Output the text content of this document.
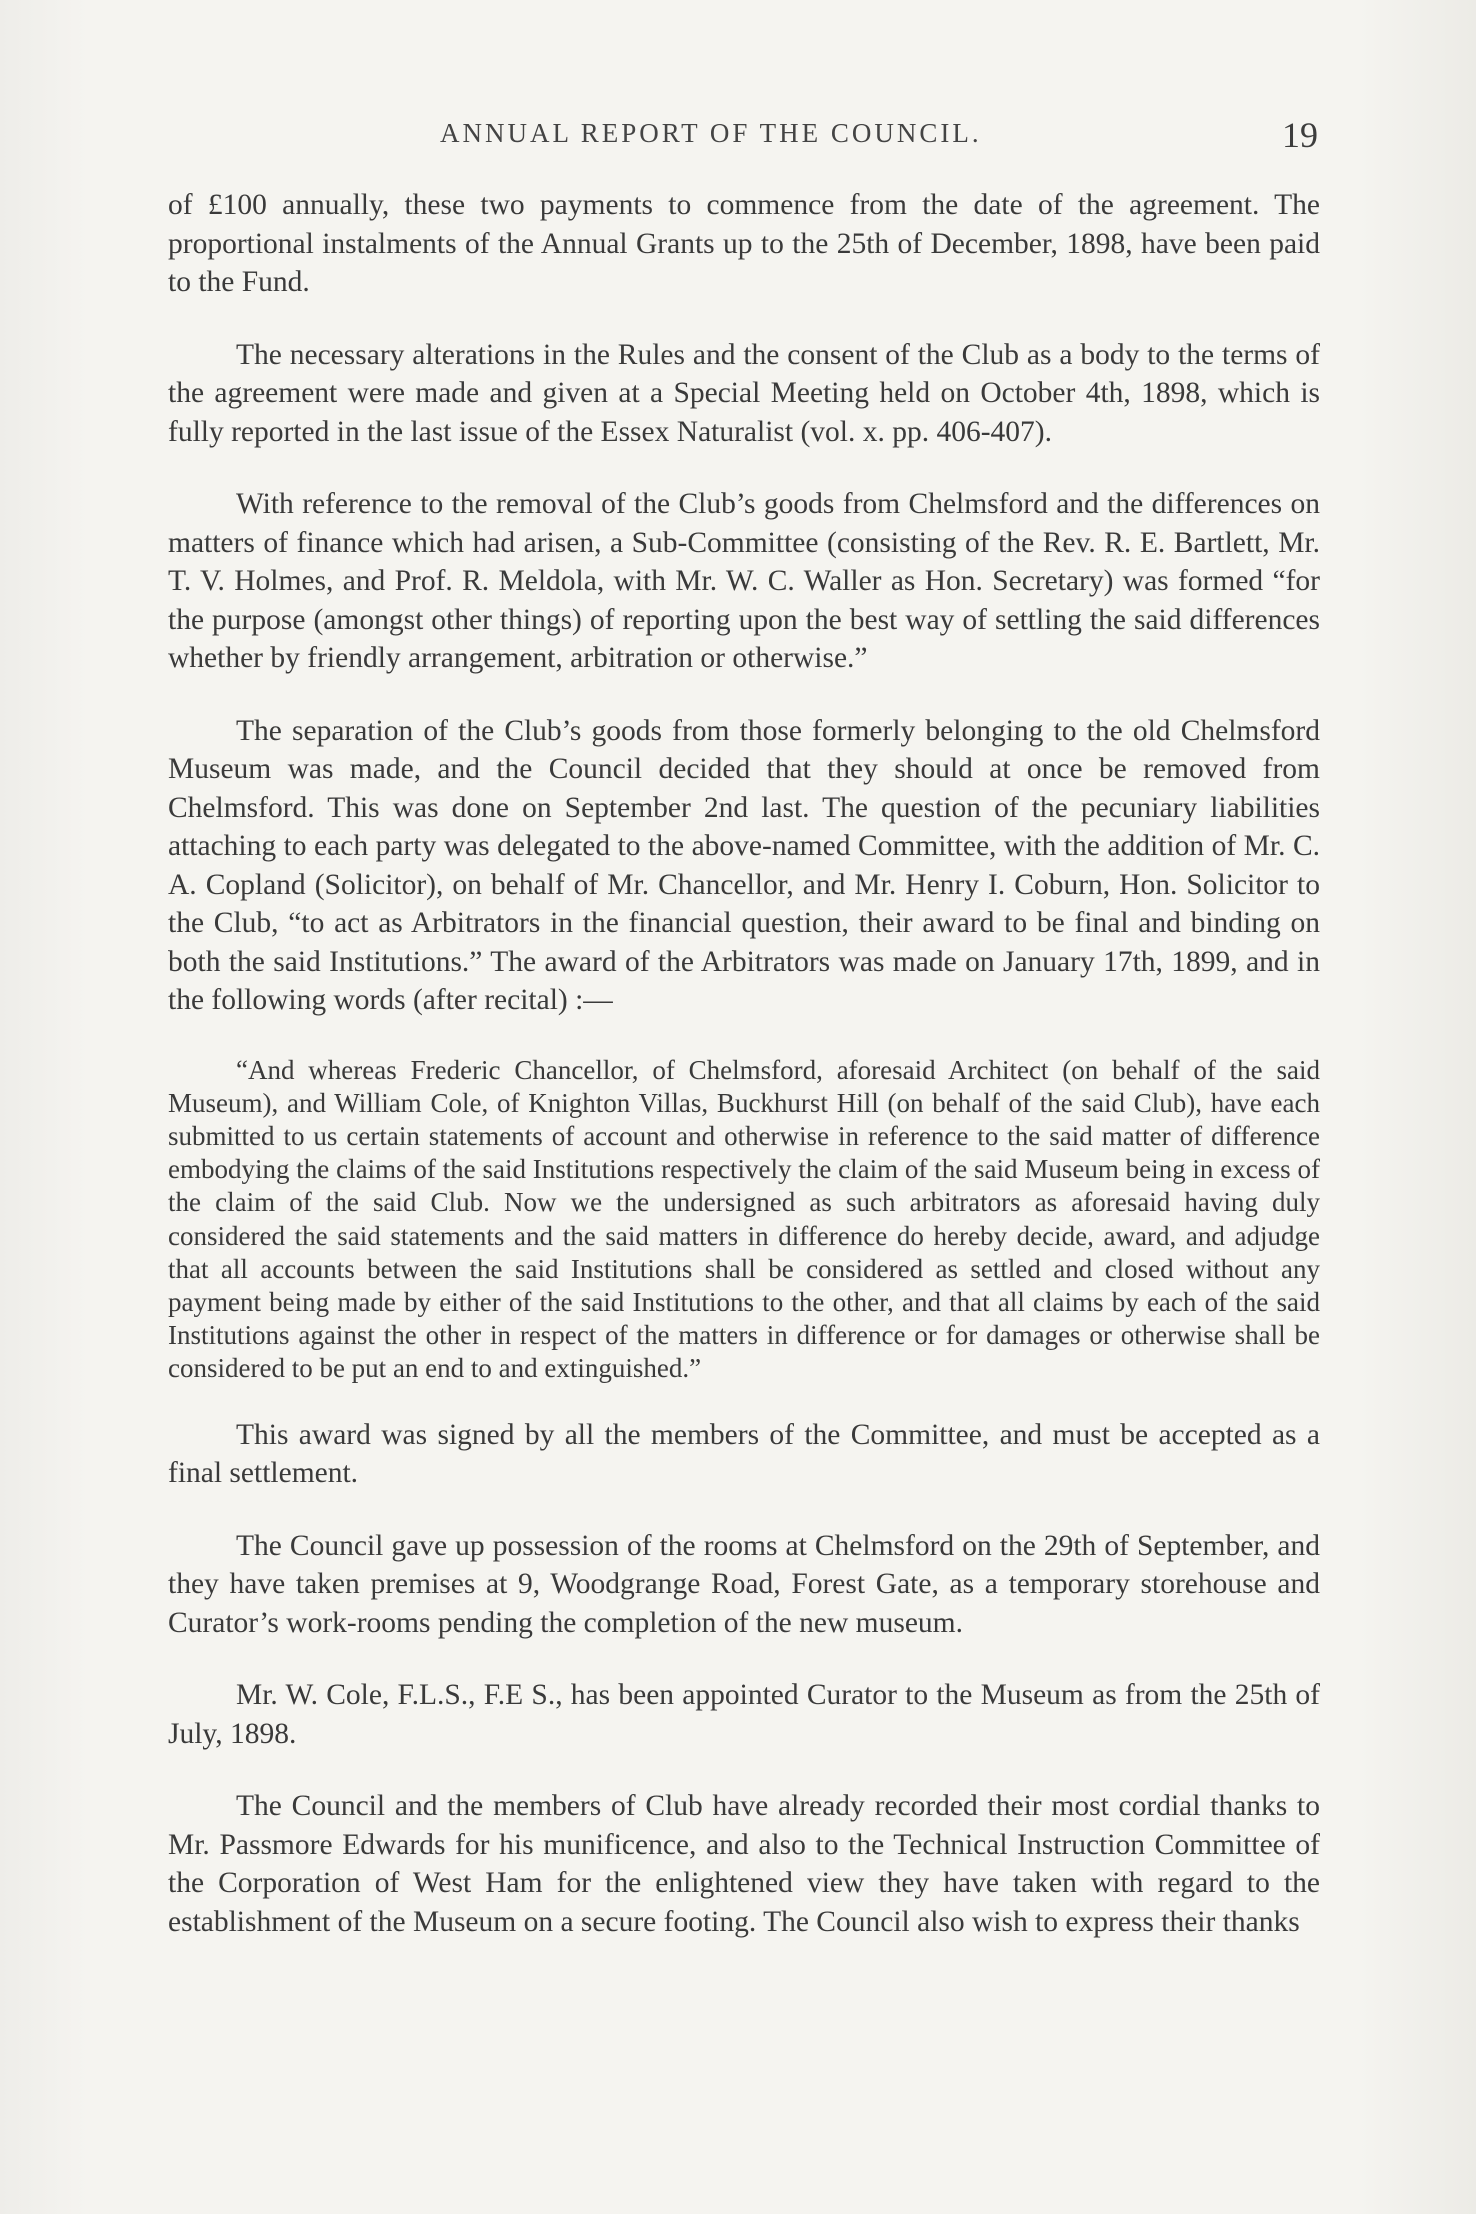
ANNUAL REPORT OF THE COUNCIL.	19

of £100 annually, these two payments to commence from the date of the agreement. The proportional instalments of the Annual Grants up to the 25th of December, 1898, have been paid to the Fund.

The necessary alterations in the Rules and the consent of the Club as a body to the terms of the agreement were made and given at a Special Meeting held on October 4th, 1898, which is fully reported in the last issue of the Essex Naturalist (vol. x. pp. 406-407).

With reference to the removal of the Club’s goods from Chelmsford and the differences on matters of finance which had arisen, a Sub-Committee (consisting of the Rev. R. E. Bartlett, Mr. T. V. Holmes, and Prof. R. Meldola, with Mr. W. C. Waller as Hon. Secretary) was formed “for the purpose (amongst other things) of reporting upon the best way of settling the said differences whether by friendly arrangement, arbitration or otherwise.”

The separation of the Club’s goods from those formerly belonging to the old Chelmsford Museum was made, and the Council decided that they should at once be removed from Chelmsford. This was done on September 2nd last. The question of the pecuniary liabilities attaching to each party was delegated to the above-named Committee, with the addition of Mr. C. A. Copland (Solicitor), on behalf of Mr. Chancellor, and Mr. Henry I. Coburn, Hon. Solicitor to the Club, “to act as Arbitrators in the financial question, their award to be final and binding on both the said Institutions.” The award of the Arbitrators was made on January 17th, 1899, and in the following words (after recital) :—

“And whereas Frederic Chancellor, of Chelmsford, aforesaid Architect (on behalf of the said Museum), and William Cole, of Knighton Villas, Buckhurst Hill (on behalf of the said Club), have each submitted to us certain statements of account and otherwise in reference to the said matter of difference embodying the claims of the said Institutions respectively the claim of the said Museum being in excess of the claim of the said Club. Now we the undersigned as such arbitrators as aforesaid having duly considered the said statements and the said matters in difference do hereby decide, award, and adjudge that all accounts between the said Institutions shall be considered as settled and closed without any payment being made by either of the said Institutions to the other, and that all claims by each of the said Institutions against the other in respect of the matters in difference or for damages or otherwise shall be considered to be put an end to and extinguished.”

This award was signed by all the members of the Committee, and must be accepted as a final settlement.

The Council gave up possession of the rooms at Chelmsford on the 29th of September, and they have taken premises at 9, Woodgrange Road, Forest Gate, as a temporary storehouse and Curator’s work-rooms pending the completion of the new museum.

Mr. W. Cole, F.L.S., F.E S., has been appointed Curator to the Museum as from the 25th of July, 1898.

The Council and the members of Club have already recorded their most cordial thanks to Mr. Passmore Edwards for his munificence, and also to the Technical Instruction Committee of the Corporation of West Ham for the enlightened view they have taken with regard to the establishment of the Museum on a secure footing. The Council also wish to express their thanks
